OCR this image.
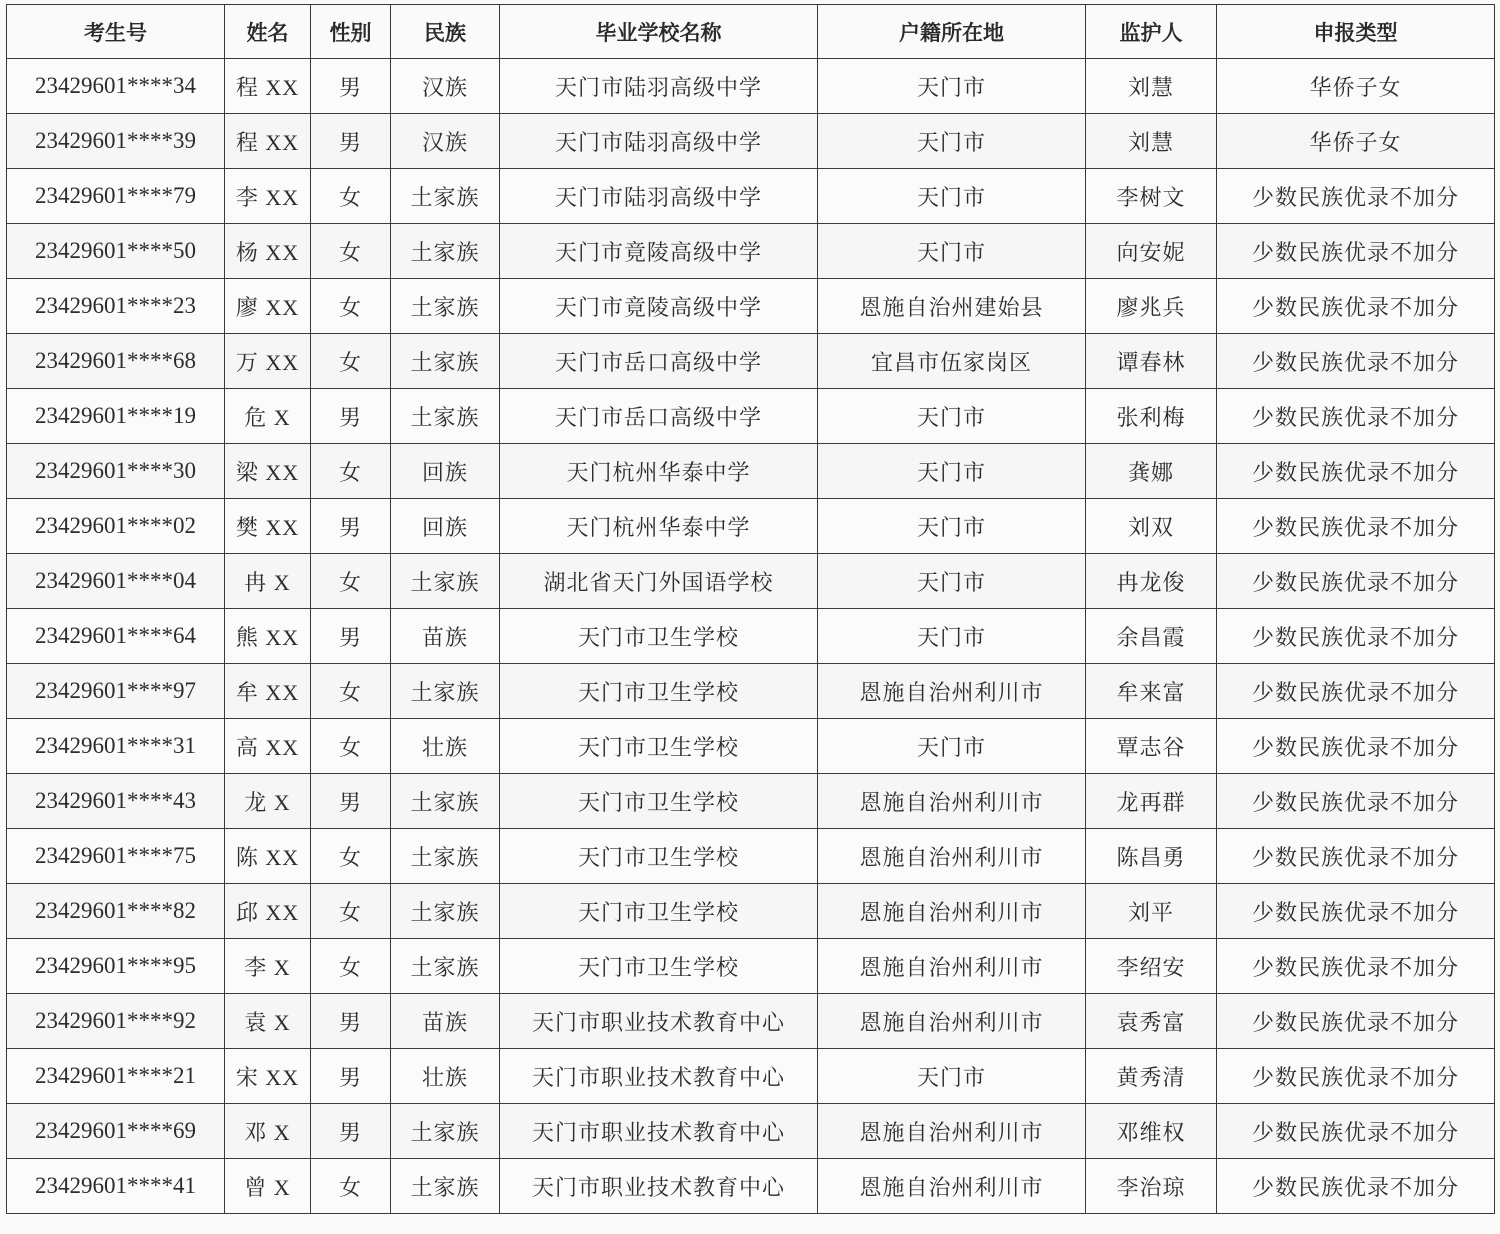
考生号	姓名	性别	民族	毕业学校名称	户籍所在地	监护人	申报类型
23429601****34	程 XX	男	汉族	天门市陆羽高级中学	天门市	刘慧	华侨子女
23429601****39	程 XX	男	汉族	天门市陆羽高级中学	天门市	刘慧	华侨子女
23429601****79	李 XX	女	土家族	天门市陆羽高级中学	天门市	李树文	少数民族优录不加分
23429601****50	杨 XX	女	土家族	天门市竟陵高级中学	天门市	向安妮	少数民族优录不加分
23429601****23	廖 XX	女	土家族	天门市竟陵高级中学	恩施自治州建始县	廖兆兵	少数民族优录不加分
23429601****68	万 XX	女	土家族	天门市岳口高级中学	宜昌市伍家岗区	谭春林	少数民族优录不加分
23429601****19	危 X	男	土家族	天门市岳口高级中学	天门市	张利梅	少数民族优录不加分
23429601****30	梁 XX	女	回族	天门杭州华泰中学	天门市	龚娜	少数民族优录不加分
23429601****02	樊 XX	男	回族	天门杭州华泰中学	天门市	刘双	少数民族优录不加分
23429601****04	冉 X	女	土家族	湖北省天门外国语学校	天门市	冉龙俊	少数民族优录不加分
23429601****64	熊 XX	男	苗族	天门市卫生学校	天门市	余昌霞	少数民族优录不加分
23429601****97	牟 XX	女	土家族	天门市卫生学校	恩施自治州利川市	牟来富	少数民族优录不加分
23429601****31	高 XX	女	壮族	天门市卫生学校	天门市	覃志谷	少数民族优录不加分
23429601****43	龙 X	男	土家族	天门市卫生学校	恩施自治州利川市	龙再群	少数民族优录不加分
23429601****75	陈 XX	女	土家族	天门市卫生学校	恩施自治州利川市	陈昌勇	少数民族优录不加分
23429601****82	邱 XX	女	土家族	天门市卫生学校	恩施自治州利川市	刘平	少数民族优录不加分
23429601****95	李 X	女	土家族	天门市卫生学校	恩施自治州利川市	李绍安	少数民族优录不加分
23429601****92	袁 X	男	苗族	天门市职业技术教育中心	恩施自治州利川市	袁秀富	少数民族优录不加分
23429601****21	宋 XX	男	壮族	天门市职业技术教育中心	天门市	黄秀清	少数民族优录不加分
23429601****69	邓 X	男	土家族	天门市职业技术教育中心	恩施自治州利川市	邓维权	少数民族优录不加分
23429601****41	曾 X	女	土家族	天门市职业技术教育中心	恩施自治州利川市	李治琼	少数民族优录不加分
